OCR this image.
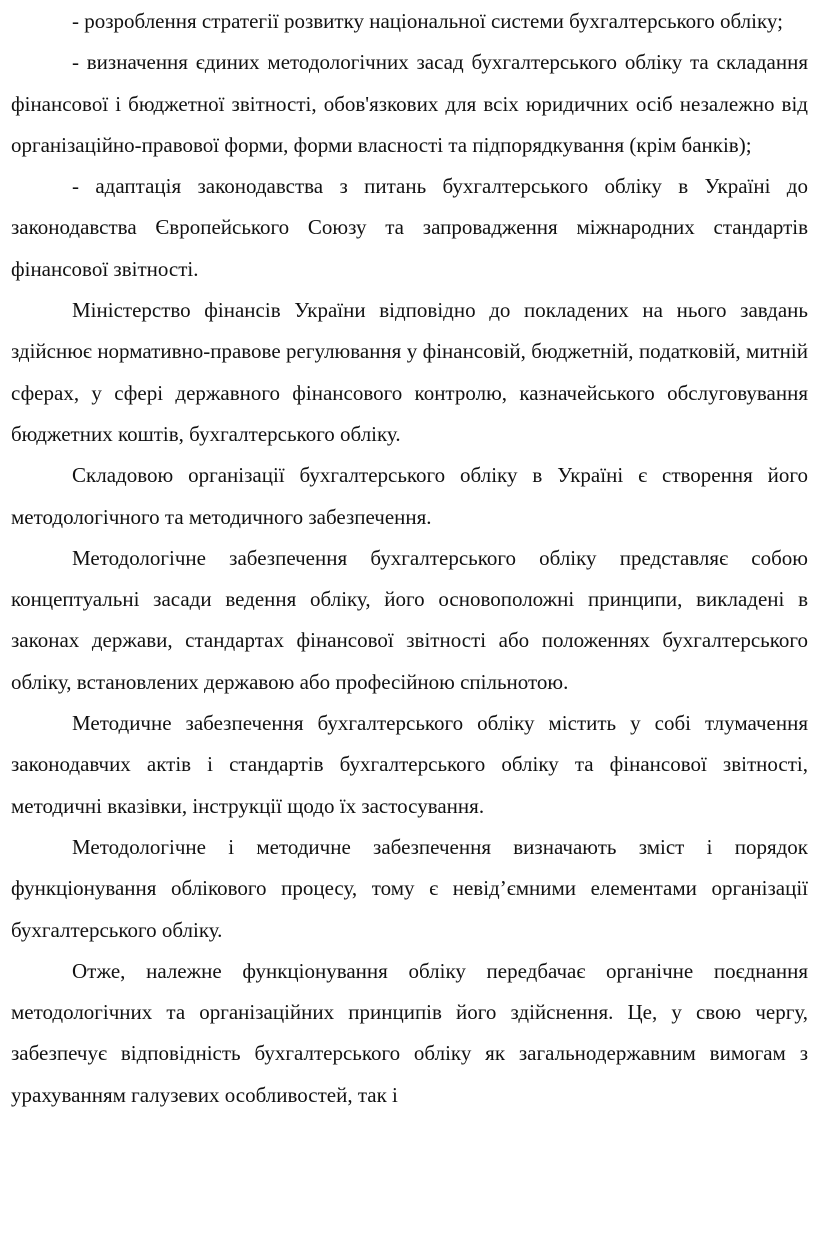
- розроблення стратегії розвитку національної системи бухгалтерського обліку;

- визначення єдиних методологічних засад бухгалтерського обліку та складання фінансової і бюджетної звітності, обов'язкових для всіх юридичних осіб незалежно від організаційно-правової форми, форми власності та підпорядкування (крім банків);

- адаптація законодавства з питань бухгалтерського обліку в Україні до законодавства Європейського Союзу та запровадження міжнародних стандартів фінансової звітності.

Міністерство фінансів України відповідно до покладених на нього завдань здійснює нормативно-правове регулювання у фінансовій, бюджетній, податковій, митній сферах, у сфері державного фінансового контролю, казначейського обслуговування бюджетних коштів, бухгалтерського обліку.

Складовою організації бухгалтерського обліку в Україні є створення його методологічного та методичного забезпечення.

Методологічне забезпечення бухгалтерського обліку представляє собою концептуальні засади ведення обліку, його основоположні принципи, викладені в законах держави, стандартах фінансової звітності або положеннях бухгалтерського обліку, встановлених державою або професійною спільнотою.

Методичне забезпечення бухгалтерського обліку містить у собі тлумачення законодавчих актів і стандартів бухгалтерського обліку та фінансової звітності, методичні вказівки, інструкції щодо їх застосування.

Методологічне і методичне забезпечення визначають зміст і порядок функціонування облікового процесу, тому є невід’ємними елементами організації бухгалтерського обліку.

Отже, належне функціонування обліку передбачає органічне поєднання методологічних та організаційних принципів його здійснення. Це, у свою чергу, забезпечує відповідність бухгалтерського обліку як загальнодержавним вимогам з урахуванням галузевих особливостей, так і
